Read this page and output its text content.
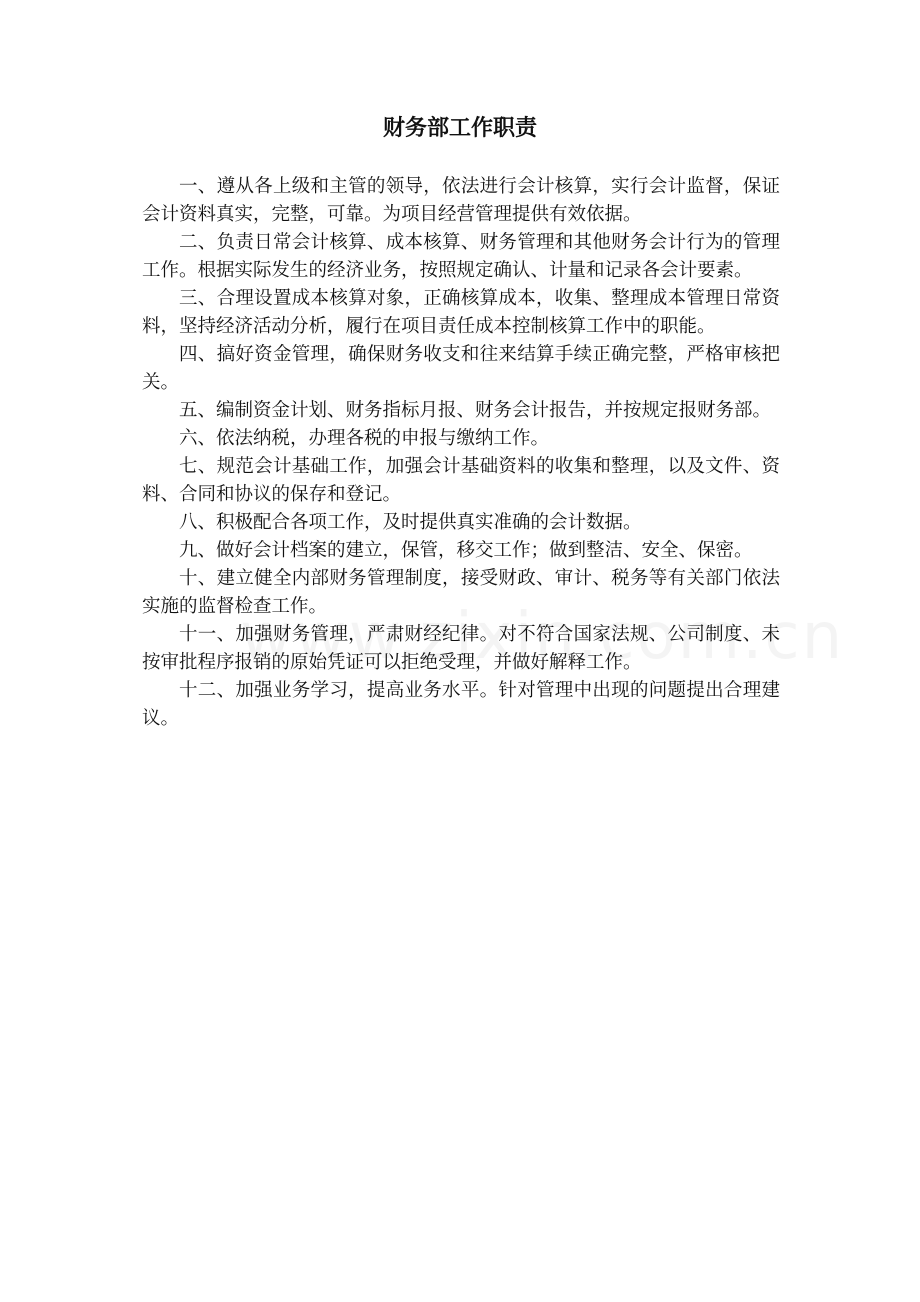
财务部工作职责

一、遵从各上级和主管的领导，依法进行会计核算，实行会计监督，保证会计资料真实，完整，可靠。为项目经营管理提供有效依据。

二、负责日常会计核算、成本核算、财务管理和其他财务会计行为的管理工作。根据实际发生的经济业务，按照规定确认、计量和记录各会计要素。

三、合理设置成本核算对象，正确核算成本，收集、整理成本管理日常资料，坚持经济活动分析，履行在项目责任成本控制核算工作中的职能。

四、搞好资金管理，确保财务收支和往来结算手续正确完整，严格审核把关。

五、编制资金计划、财务指标月报、财务会计报告，并按规定报财务部。

六、依法纳税，办理各税的申报与缴纳工作。

七、规范会计基础工作，加强会计基础资料的收集和整理，以及文件、资料、合同和协议的保存和登记。

八、积极配合各项工作，及时提供真实准确的会计数据。

九、做好会计档案的建立，保管，移交工作；做到整洁、安全、保密。

十、建立健全内部财务管理制度，接受财政、审计、税务等有关部门依法实施的监督检查工作。

十一、加强财务管理，严肃财经纪律。对不符合国家法规、公司制度、未按审批程序报销的原始凭证可以拒绝受理，并做好解释工作。

十二、加强业务学习，提高业务水平。针对管理中出现的问题提出合理建议。
